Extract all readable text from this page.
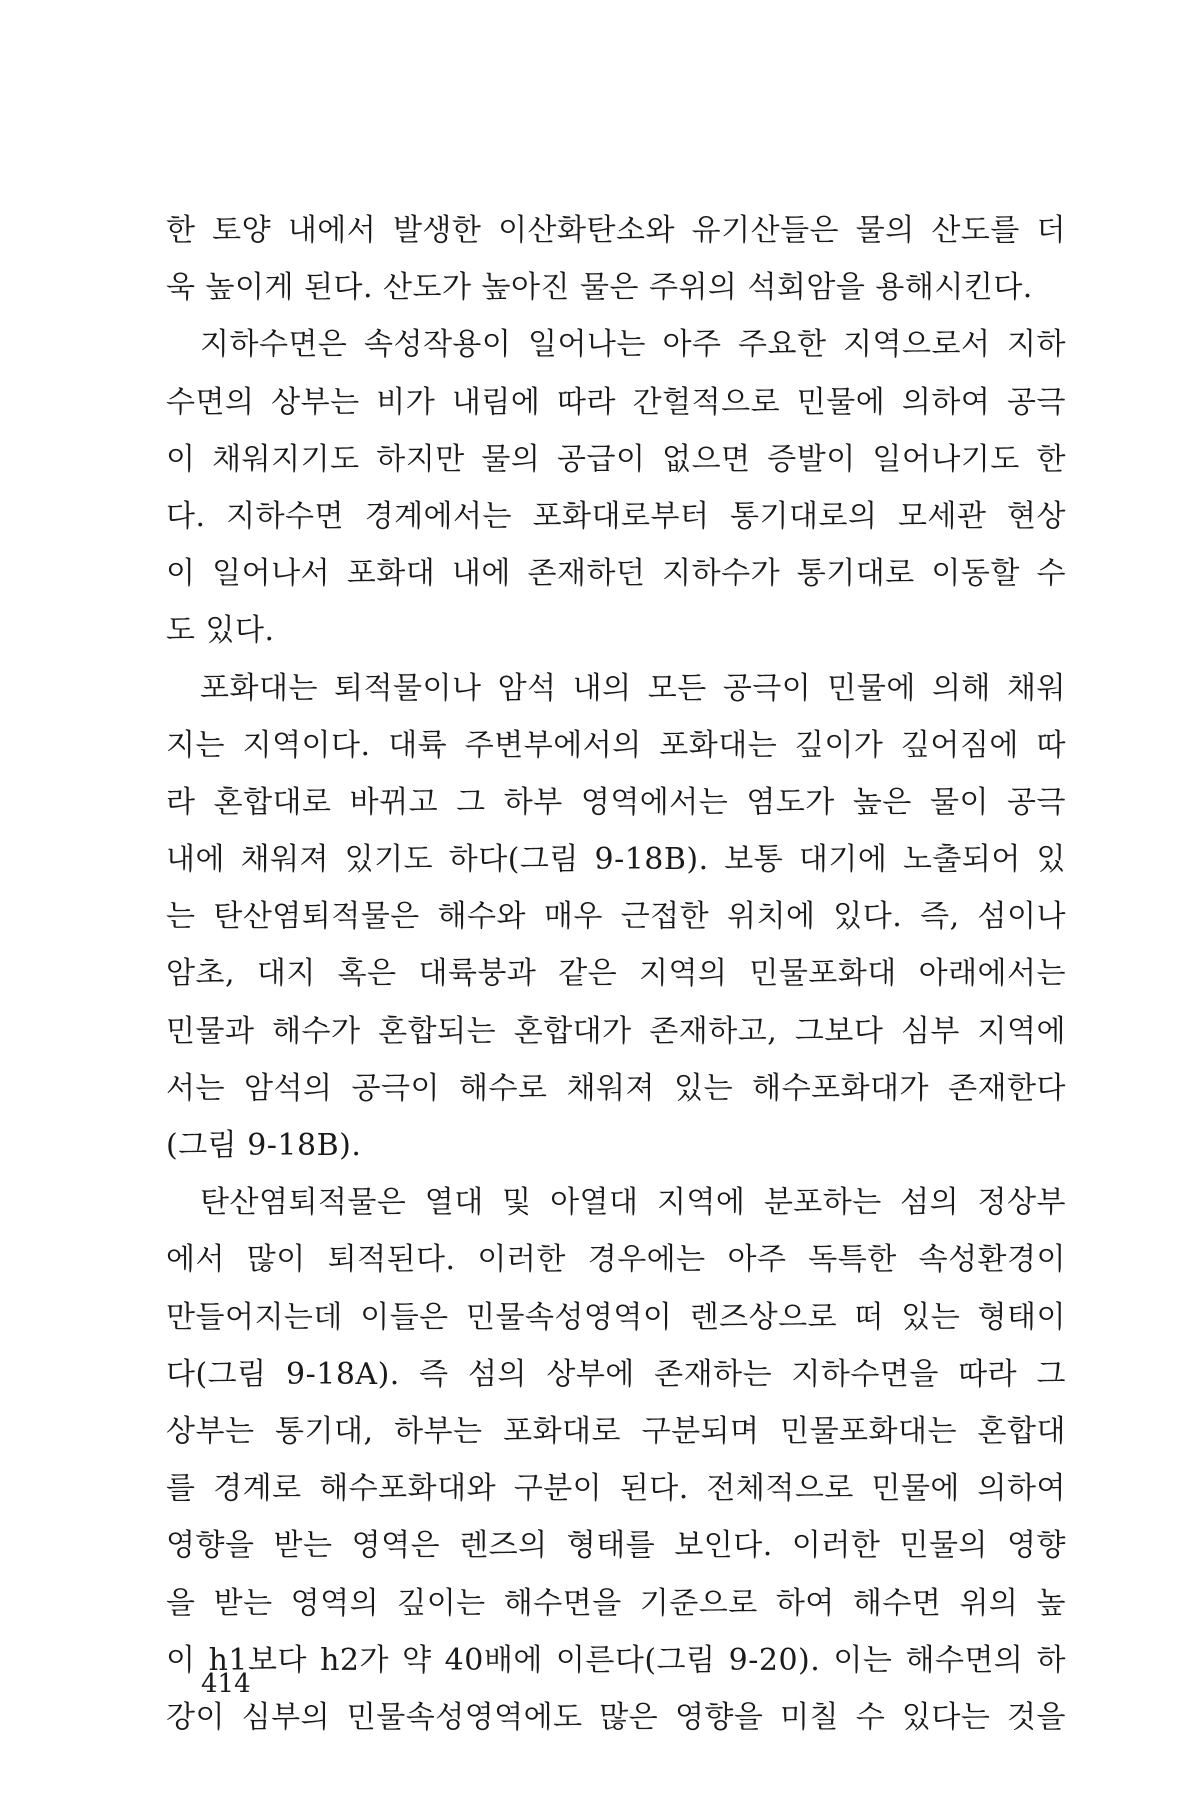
한 토양 내에서 발생한 이산화탄소와 유기산들은 물의 산도를 더
욱 높이게 된다. 산도가 높아진 물은 주위의 석회암을 용해시킨다.
지하수면은 속성작용이 일어나는 아주 주요한 지역으로서 지하
수면의 상부는 비가 내림에 따라 간헐적으로 민물에 의하여 공극
이 채워지기도 하지만 물의 공급이 없으면 증발이 일어나기도 한
다. 지하수면 경계에서는 포화대로부터 통기대로의 모세관 현상
이 일어나서 포화대 내에 존재하던 지하수가 통기대로 이동할 수
도 있다.
포화대는 퇴적물이나 암석 내의 모든 공극이 민물에 의해 채워
지는 지역이다. 대륙 주변부에서의 포화대는 깊이가 깊어짐에 따
라 혼합대로 바뀌고 그 하부 영역에서는 염도가 높은 물이 공극
내에 채워져 있기도 하다(그림 9-18B). 보통 대기에 노출되어 있
는 탄산염퇴적물은 해수와 매우 근접한 위치에 있다. 즉, 섬이나
암초, 대지 혹은 대륙붕과 같은 지역의 민물포화대 아래에서는
민물과 해수가 혼합되는 혼합대가 존재하고, 그보다 심부 지역에
서는 암석의 공극이 해수로 채워져 있는 해수포화대가 존재한다
(그림 9-18B).
탄산염퇴적물은 열대 및 아열대 지역에 분포하는 섬의 정상부
에서 많이 퇴적된다. 이러한 경우에는 아주 독특한 속성환경이
만들어지는데 이들은 민물속성영역이 렌즈상으로 떠 있는 형태이
다(그림 9-18A). 즉 섬의 상부에 존재하는 지하수면을 따라 그
상부는 통기대, 하부는 포화대로 구분되며 민물포화대는 혼합대
를 경계로 해수포화대와 구분이 된다. 전체적으로 민물에 의하여
영향을 받는 영역은 렌즈의 형태를 보인다. 이러한 민물의 영향
을 받는 영역의 깊이는 해수면을 기준으로 하여 해수면 위의 높
이 h1보다 h2가 약 40배에 이른다(그림 9-20). 이는 해수면의 하
강이 심부의 민물속성영역에도 많은 영향을 미칠 수 있다는 것을
414
